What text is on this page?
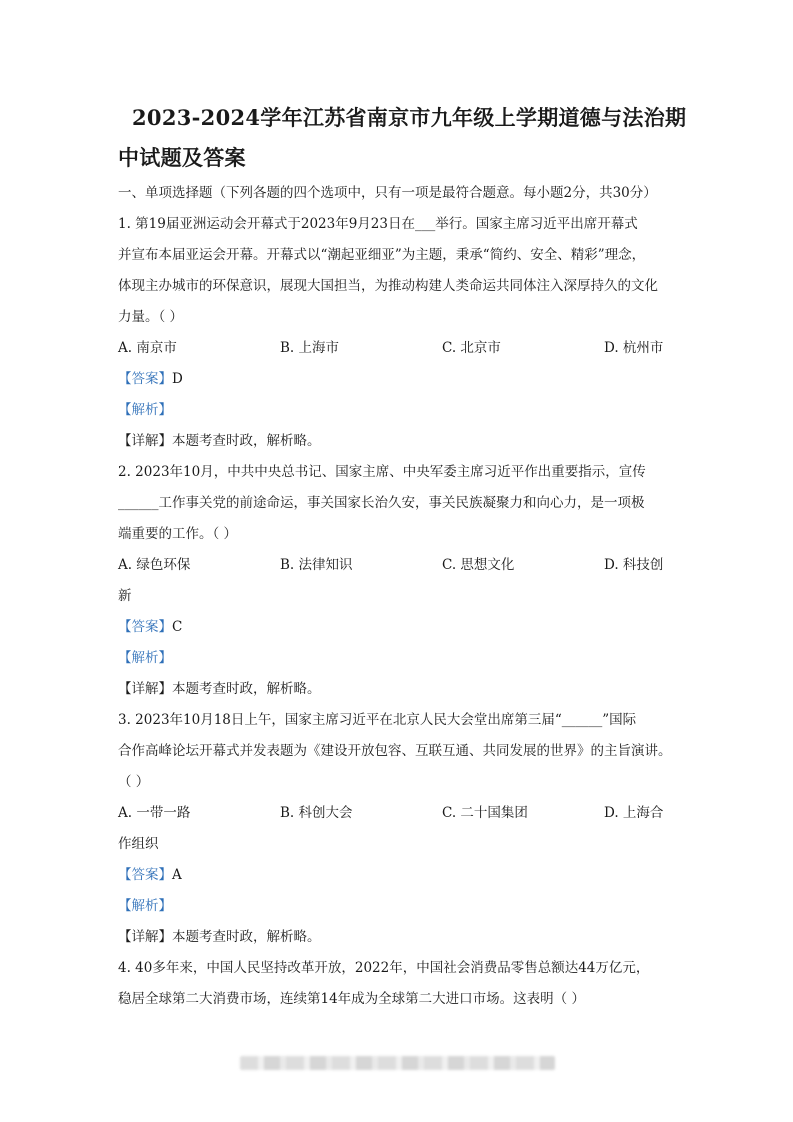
2023-2024学年江苏省南京市九年级上学期道德与法治期
中试题及答案
一、单项选择题（下列各题的四个选项中，只有一项是最符合题意。每小题2分，共30分）
1. 第19届亚洲运动会开幕式于2023年9月23日在___举行。国家主席习近平出席开幕式
并宣布本届亚运会开幕。开幕式以“潮起亚细亚”为主题，秉承“简约、安全、精彩”理念，
体现主办城市的环保意识，展现大国担当，为推动构建人类命运共同体注入深厚持久的文化
力量。（ ）
A. 南京市	B. 上海市	C. 北京市	D. 杭州市
【答案】D
【解析】
【详解】本题考查时政，解析略。
2. 2023年10月，中共中央总书记、国家主席、中央军委主席习近平作出重要指示，宣传
______工作事关党的前途命运，事关国家长治久安，事关民族凝聚力和向心力，是一项极
端重要的工作。（ ）
A. 绿色环保	B. 法律知识	C. 思想文化	D. 科技创
新
【答案】C
【解析】
【详解】本题考查时政，解析略。
3. 2023年10月18日上午，国家主席习近平在北京人民大会堂出席第三届“______”国际
合作高峰论坛开幕式并发表题为《建设开放包容、互联互通、共同发展的世界》的主旨演讲。
（ ）
A. 一带一路	B. 科创大会	C. 二十国集团	D. 上海合
作组织
【答案】A
【解析】
【详解】本题考查时政，解析略。
4. 40多年来，中国人民坚持改革开放，2022年，中国社会消费品零售总额达44万亿元，
稳居全球第二大消费市场，连续第14年成为全球第二大进口市场。这表明（ ）
